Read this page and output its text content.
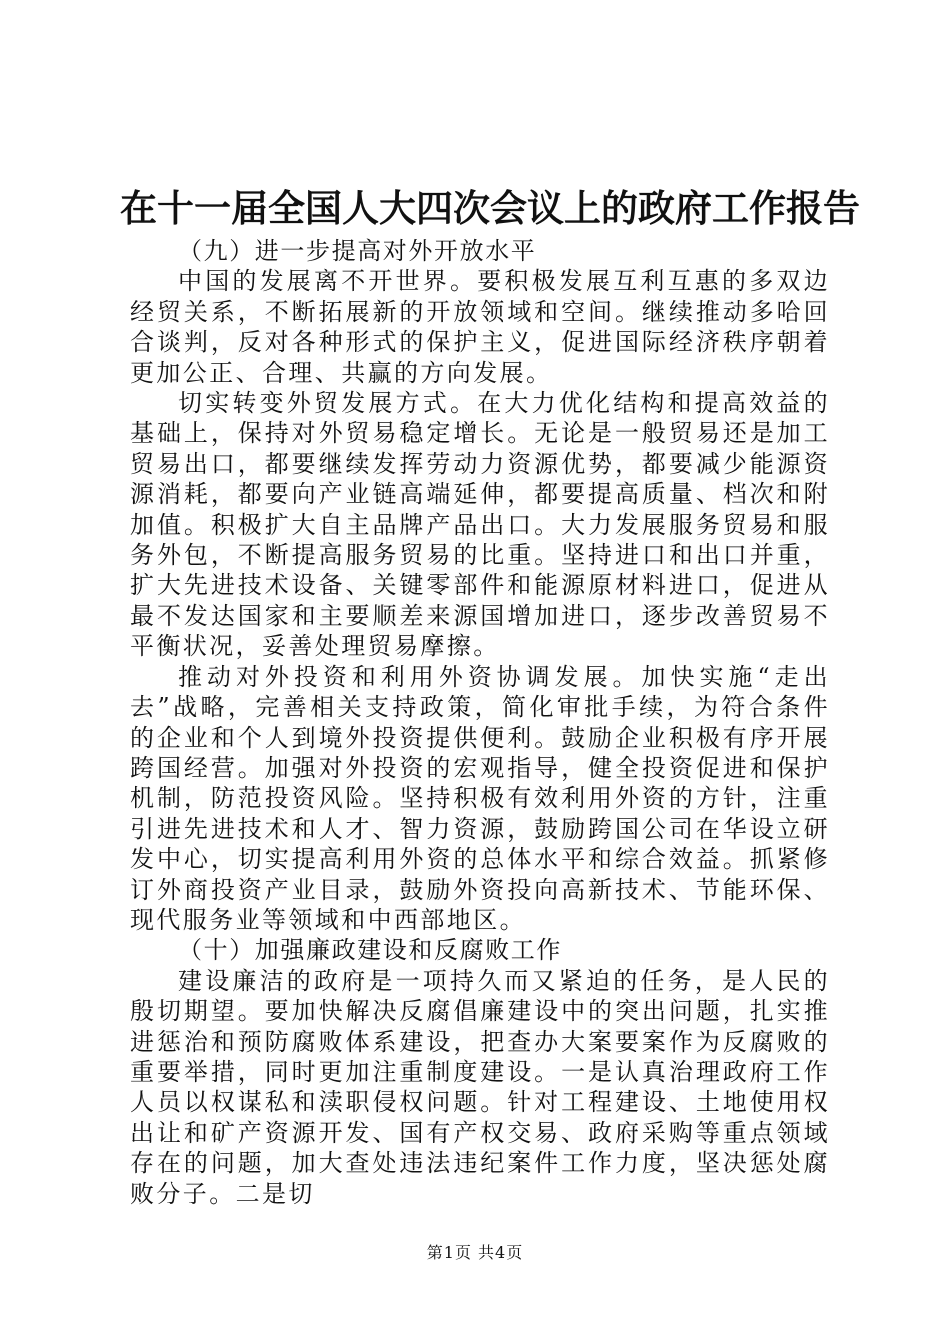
在十一届全国人大四次会议上的政府工作报告

（九）进一步提高对外开放水平

中国的发展离不开世界。要积极发展互利互惠的多双边经贸关系，不断拓展新的开放领域和空间。继续推动多哈回合谈判，反对各种形式的保护主义，促进国际经济秩序朝着更加公正、合理、共赢的方向发展。

切实转变外贸发展方式。在大力优化结构和提高效益的基础上，保持对外贸易稳定增长。无论是一般贸易还是加工贸易出口，都要继续发挥劳动力资源优势，都要减少能源资源消耗，都要向产业链高端延伸，都要提高质量、档次和附加值。积极扩大自主品牌产品出口。大力发展服务贸易和服务外包，不断提高服务贸易的比重。坚持进口和出口并重，扩大先进技术设备、关键零部件和能源原材料进口，促进从最不发达国家和主要顺差来源国增加进口，逐步改善贸易不平衡状况，妥善处理贸易摩擦。

推动对外投资和利用外资协调发展。加快实施“走出去”战略，完善相关支持政策，简化审批手续，为符合条件的企业和个人到境外投资提供便利。鼓励企业积极有序开展跨国经营。加强对外投资的宏观指导，健全投资促进和保护机制，防范投资风险。坚持积极有效利用外资的方针，注重引进先进技术和人才、智力资源，鼓励跨国公司在华设立研发中心，切实提高利用外资的总体水平和综合效益。抓紧修订外商投资产业目录，鼓励外资投向高新技术、节能环保、现代服务业等领域和中西部地区。

（十）加强廉政建设和反腐败工作

建设廉洁的政府是一项持久而又紧迫的任务，是人民的殷切期望。要加快解决反腐倡廉建设中的突出问题，扎实推进惩治和预防腐败体系建设，把查办大案要案作为反腐败的重要举措，同时更加注重制度建设。一是认真治理政府工作人员以权谋私和渎职侵权问题。针对工程建设、土地使用权出让和矿产资源开发、国有产权交易、政府采购等重点领域存在的问题，加大查处违法违纪案件工作力度，坚决惩处腐败分子。二是切

第1页 共4页
